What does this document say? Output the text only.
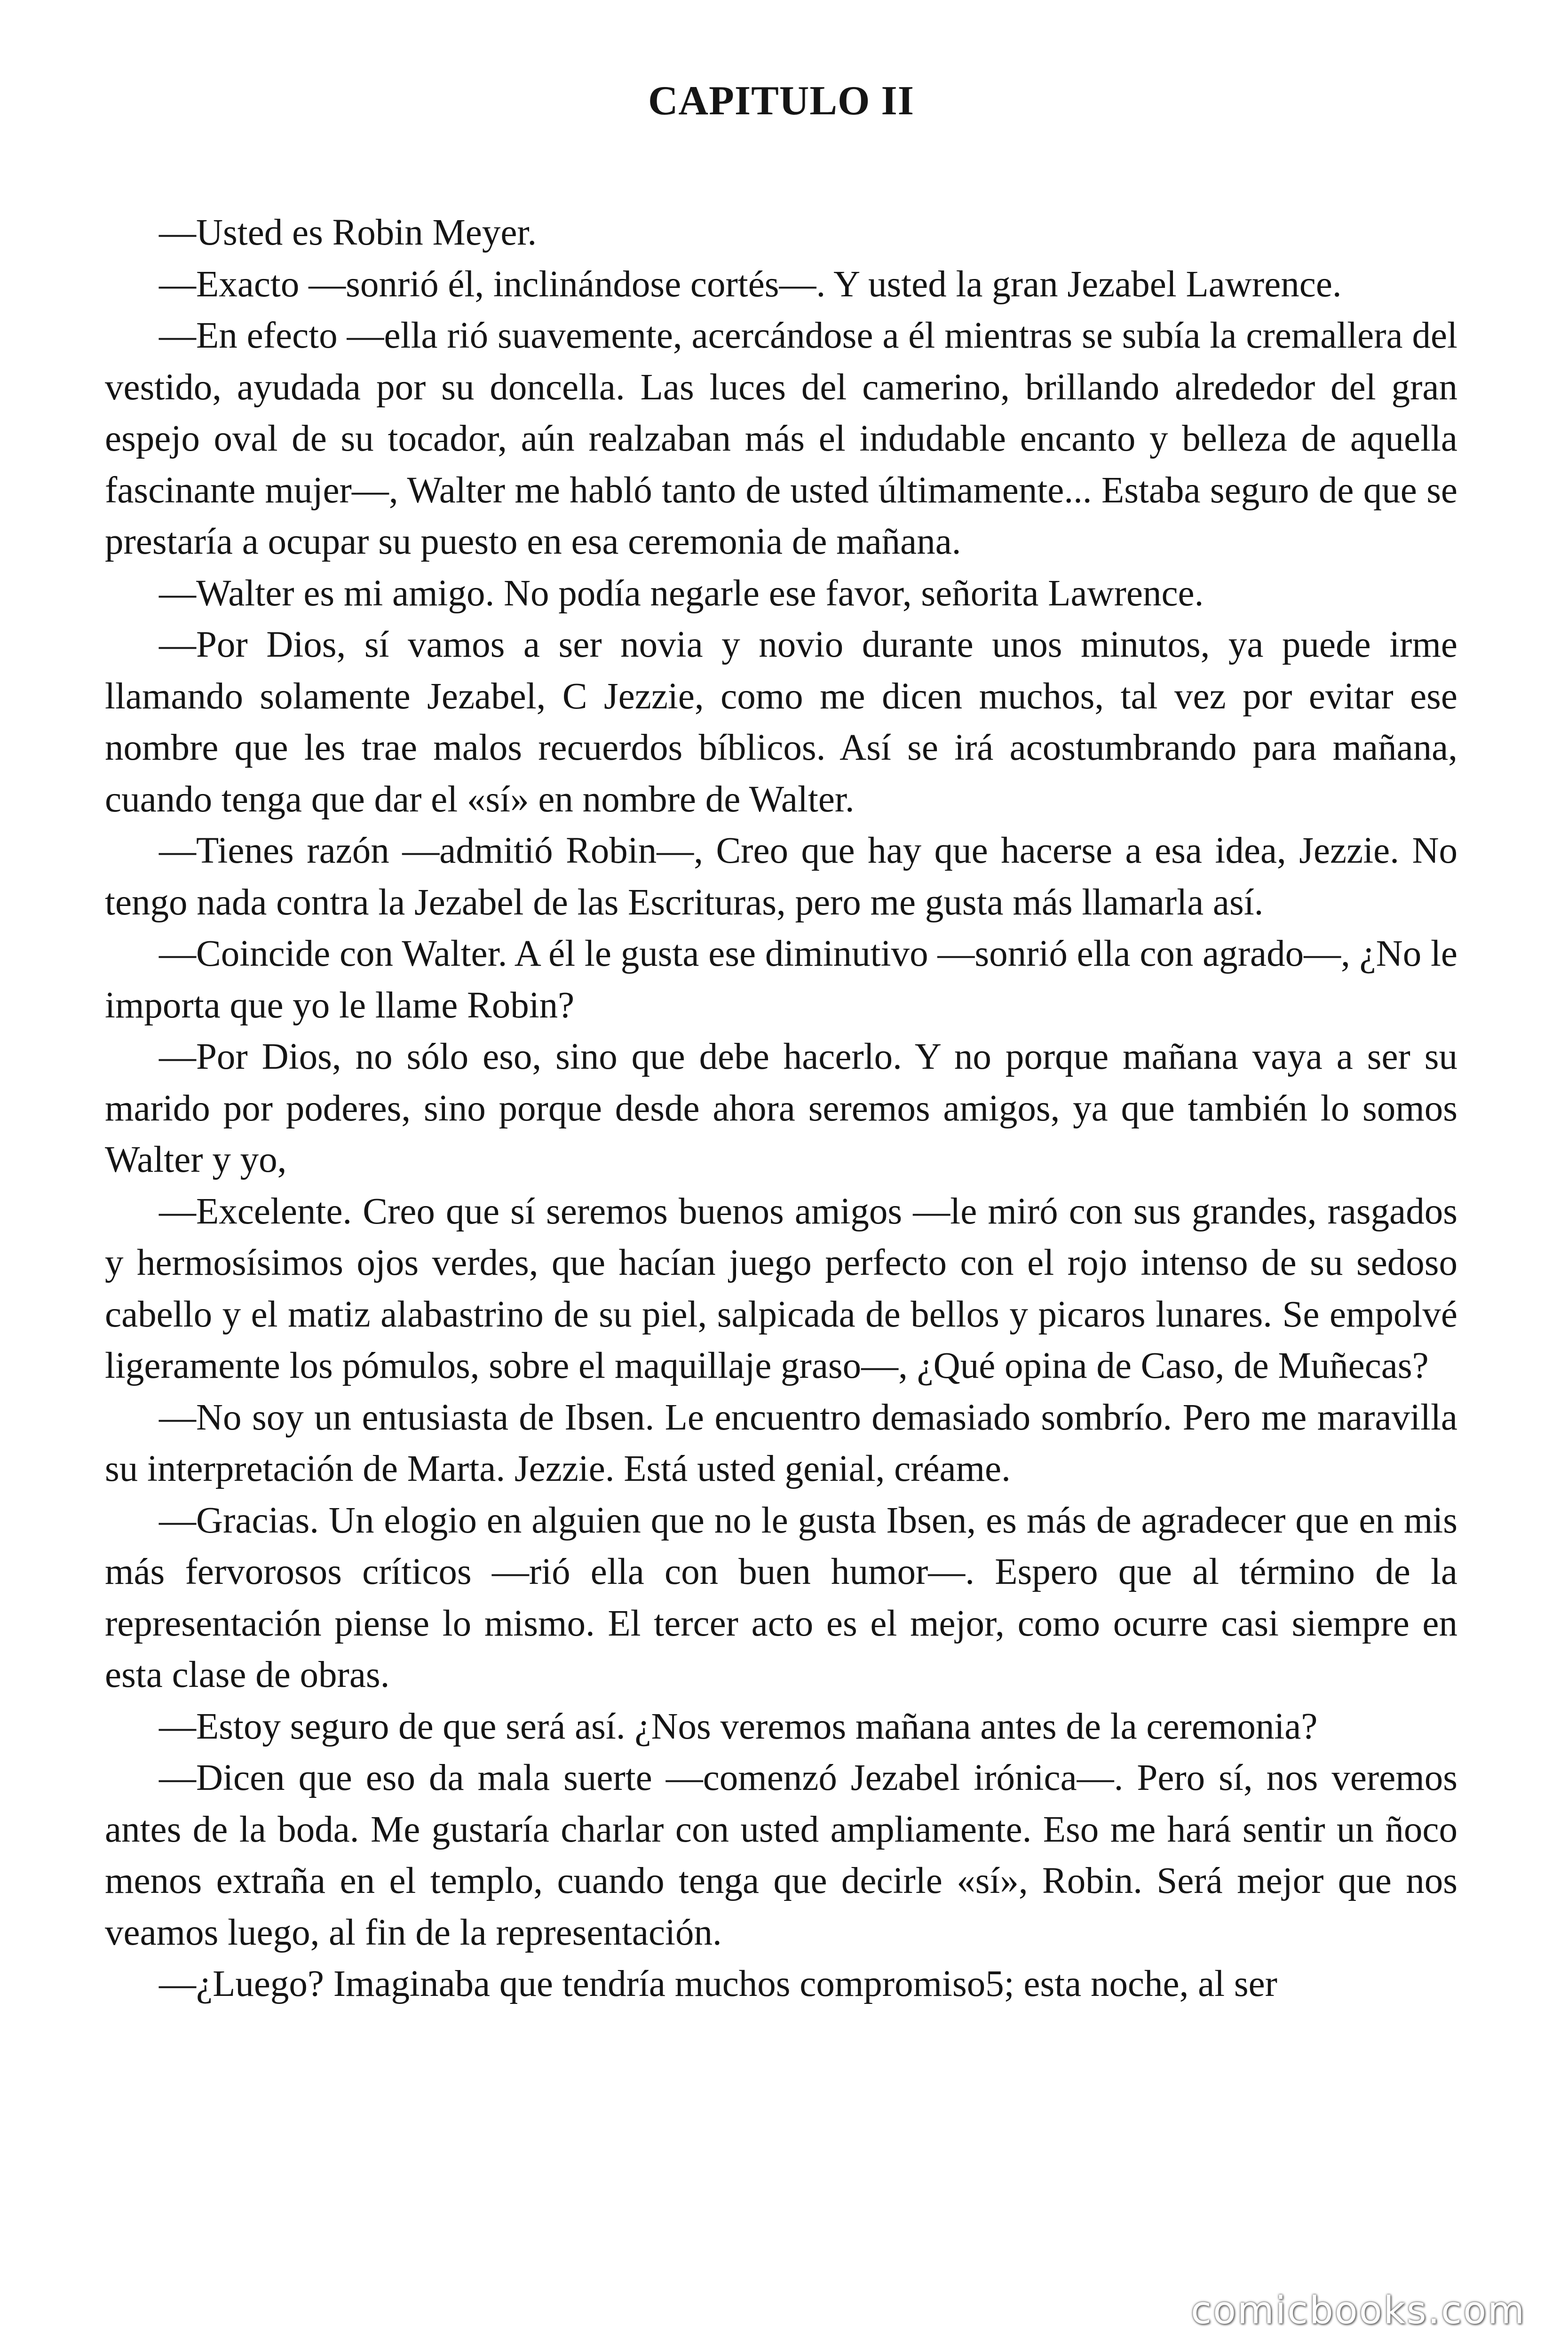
CAPITULO II

—Usted es Robin Meyer.

—Exacto —sonrió él, inclinándose cortés—. Y usted la gran Jezabel Lawrence.

—En efecto —ella rió suavemente, acercándose a él mientras se subía la cremallera del vestido, ayudada por su doncella. Las luces del camerino, brillando alrededor del gran espejo oval de su tocador, aún realzaban más el indudable encanto y belleza de aquella fascinante mujer—, Walter me habló tanto de usted últimamente... Estaba seguro de que se prestaría a ocupar su puesto en esa ceremonia de mañana.

—Walter es mi amigo. No podía negarle ese favor, señorita Lawrence.

—Por Dios, sí vamos a ser novia y novio durante unos minutos, ya puede irme llamando solamente Jezabel, C Jezzie, como me dicen muchos, tal vez por evitar ese nombre que les trae malos recuerdos bíblicos. Así se irá acostumbrando para mañana, cuando tenga que dar el «sí» en nombre de Walter.

—Tienes razón —admitió Robin—, Creo que hay que hacerse a esa idea, Jezzie. No tengo nada contra la Jezabel de las Escrituras, pero me gusta más llamarla así.

—Coincide con Walter. A él le gusta ese diminutivo —sonrió ella con agrado—, ¿No le importa que yo le llame Robin?

—Por Dios, no sólo eso, sino que debe hacerlo. Y no porque mañana vaya a ser su marido por poderes, sino porque desde ahora seremos amigos, ya que también lo somos Walter y yo,

—Excelente. Creo que sí seremos buenos amigos —le miró con sus grandes, rasgados y hermosísimos ojos verdes, que hacían juego perfecto con el rojo intenso de su sedoso cabello y el matiz alabastrino de su piel, salpicada de bellos y picaros lunares. Se empolvé ligeramente los pómulos, sobre el maquillaje graso—, ¿Qué opina de Caso, de Muñecas?

—No soy un entusiasta de Ibsen. Le encuentro demasiado sombrío. Pero me maravilla su interpretación de Marta. Jezzie. Está usted genial, créame.

—Gracias. Un elogio en alguien que no le gusta Ibsen, es más de agradecer que en mis más fervorosos críticos —rió ella con buen humor—. Espero que al término de la representación piense lo mismo. El tercer acto es el mejor, como ocurre casi siempre en esta clase de obras.

—Estoy seguro de que será así. ¿Nos veremos mañana antes de la ceremonia?

—Dicen que eso da mala suerte —comenzó Jezabel irónica—. Pero sí, nos veremos antes de la boda. Me gustaría charlar con usted ampliamente. Eso me hará sentir un ñoco menos extraña en el templo, cuando tenga que decirle «sí», Robin. Será mejor que nos veamos luego, al fin de la representación.

—¿Luego? Imaginaba que tendría muchos compromiso5; esta noche, al ser

comicbooks.com
